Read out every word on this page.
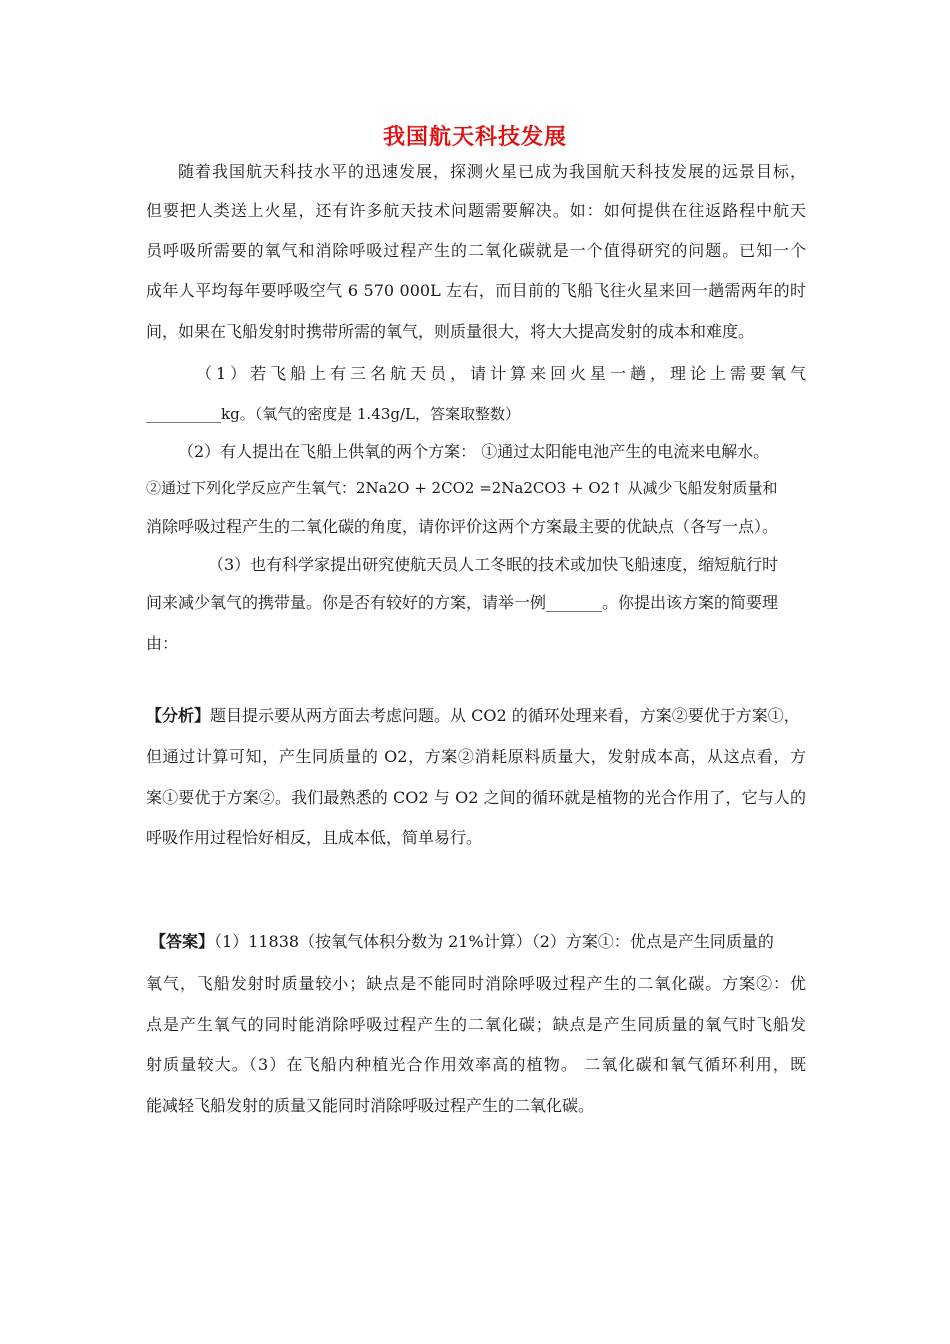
我国航天科技发展
随着我国航天科技水平的迅速发展，探测火星已成为我国航天科技发展的远景目标，
但要把人类送上火星，还有许多航天技术问题需要解决。如：如何提供在往返路程中航天
员呼吸所需要的氧气和消除呼吸过程产生的二氧化碳就是一个值得研究的问题。已知一个
成年人平均每年要呼吸空气 6 570 000L 左右，而目前的飞船飞往火星来回一趟需两年的时
间，如果在飞船发射时携带所需的氧气，则质量很大，将大大提高发射的成本和难度。
（1）若飞船上有三名航天员，请计算来回火星一趟，理论上需要氧气
__________kg。（氧气的密度是 1.43g/L，答案取整数）
（2）有人提出在飞船上供氧的两个方案： ①通过太阳能电池产生的电流来电解水。
②通过下列化学反应产生氧气：2Na2O + 2CO2 =2Na2CO3 + O2↑ 从减少飞船发射质量和
消除呼吸过程产生的二氧化碳的角度，请你评价这两个方案最主要的优缺点（各写一点）。
（3）也有科学家提出研究使航天员人工冬眠的技术或加快飞船速度，缩短航行时
间来减少氧气的携带量。你是否有较好的方案，请举一例_______。你提出该方案的简要理
由：
【分析】题目提示要从两方面去考虑问题。从 CO2 的循环处理来看，方案②要优于方案①，
但通过计算可知，产生同质量的 O2，方案②消耗原料质量大，发射成本高，从这点看，方
案①要优于方案②。我们最熟悉的 CO2 与 O2 之间的循环就是植物的光合作用了，它与人的
呼吸作用过程恰好相反，且成本低，简单易行。
【答案】（1）11838（按氧气体积分数为 21%计算）（2）方案①：优点是产生同质量的
氧气，飞船发射时质量较小；缺点是不能同时消除呼吸过程产生的二氧化碳。方案②：优
点是产生氧气的同时能消除呼吸过程产生的二氧化碳；缺点是产生同质量的氧气时飞船发
射质量较大。（3）在飞船内种植光合作用效率高的植物。 二氧化碳和氧气循环利用，既
能减轻飞船发射的质量又能同时消除呼吸过程产生的二氧化碳。
